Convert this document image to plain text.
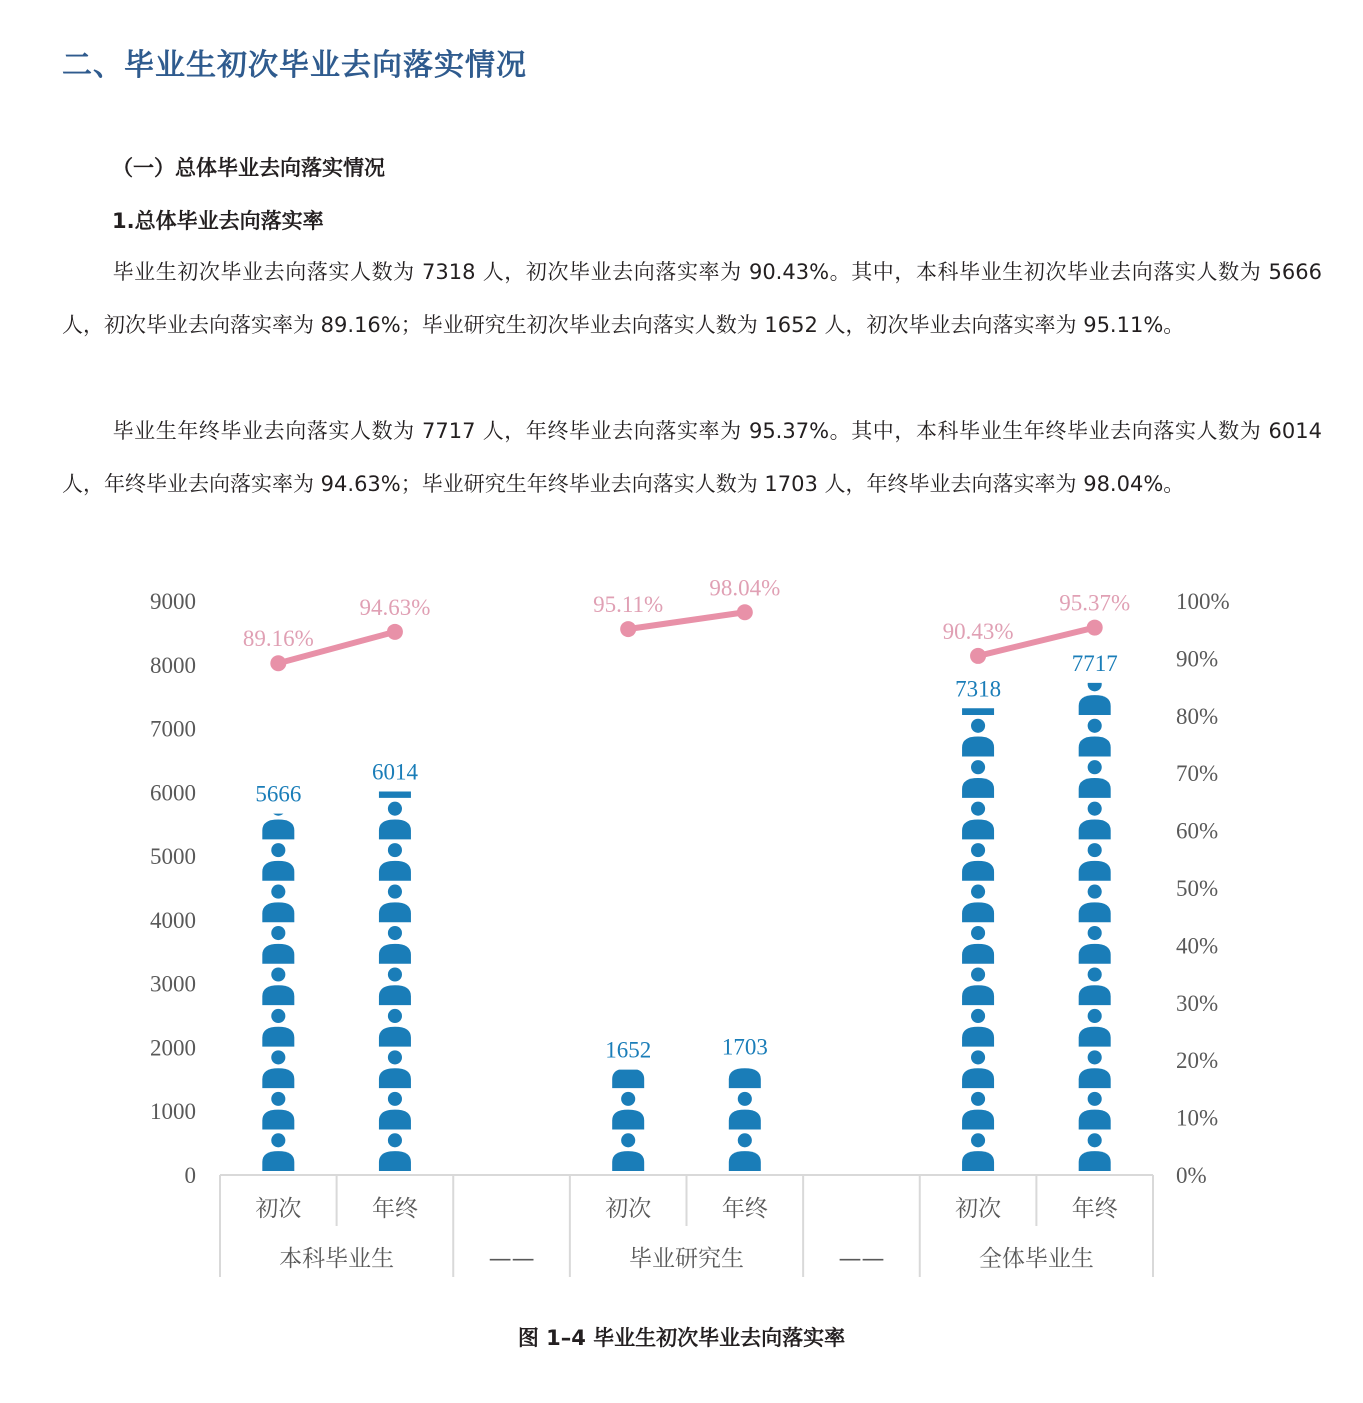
二、毕业生初次毕业去向落实情况
（一）总体毕业去向落实情况
1.总体毕业去向落实率
毕业生初次毕业去向落实人数为 7318 人，初次毕业去向落实率为 90.43%。其中，本科毕业生初次毕业去向落实人数为 5666 人，初次毕业去向落实率为 89.16%；毕业研究生初次毕业去向落实人数为 1652 人，初次毕业去向落实率为 95.11%。
毕业生年终毕业去向落实人数为 7717 人，年终毕业去向落实率为 95.37%。其中，本科毕业生年终毕业去向落实人数为 6014 人，年终毕业去向落实率为 94.63%；毕业研究生年终毕业去向落实人数为 1703 人，年终毕业去向落实率为 98.04%。
0
1000
2000
3000
4000
5000
6000
7000
8000
9000
0%
10%
20%
30%
40%
50%
60%
70%
80%
90%
100%
5666
6014
1652	1703
7318
7717
89.16%
94.63%	95.11%
98.04%
90.43%
95.37%
初次	年终	初次	年终	初次	年终
本科毕业生	——	毕业研究生	——	全体毕业生
图 1–4 毕业生初次毕业去向落实率
